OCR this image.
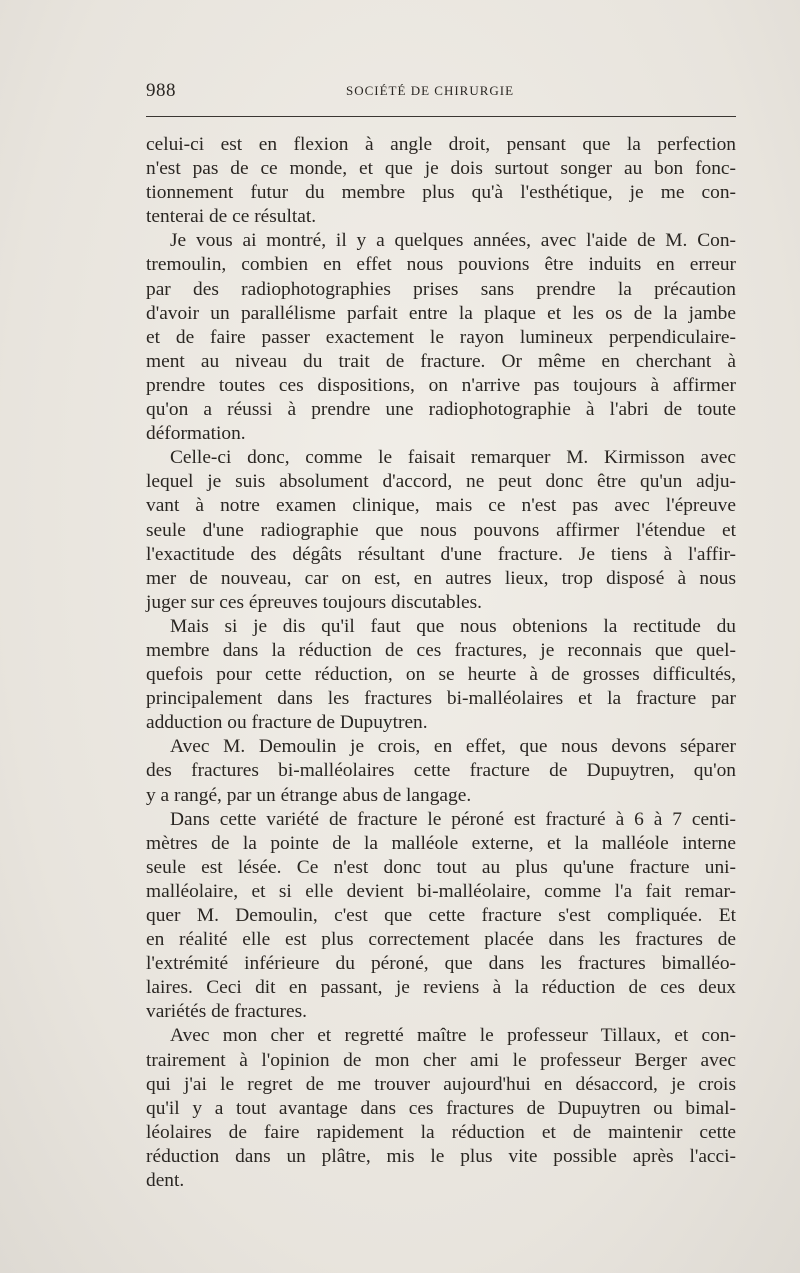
988	SOCIÉTÉ DE CHIRURGIE
celui-ci est en flexion à angle droit, pensant que la perfection
n'est pas de ce monde, et que je dois surtout songer au bon fonc-
tionnement futur du membre plus qu'à l'esthétique, je me con-
tenterai de ce résultat.
Je vous ai montré, il y a quelques années, avec l'aide de M. Con-
tremoulin, combien en effet nous pouvions être induits en erreur
par des radiophotographies prises sans prendre la précaution
d'avoir un parallélisme parfait entre la plaque et les os de la jambe
et de faire passer exactement le rayon lumineux perpendiculaire-
ment au niveau du trait de fracture. Or même en cherchant à
prendre toutes ces dispositions, on n'arrive pas toujours à affirmer
qu'on a réussi à prendre une radiophotographie à l'abri de toute
déformation.
Celle-ci donc, comme le faisait remarquer M. Kirmisson avec
lequel je suis absolument d'accord, ne peut donc être qu'un adju-
vant à notre examen clinique, mais ce n'est pas avec l'épreuve
seule d'une radiographie que nous pouvons affirmer l'étendue et
l'exactitude des dégâts résultant d'une fracture. Je tiens à l'affir-
mer de nouveau, car on est, en autres lieux, trop disposé à nous
juger sur ces épreuves toujours discutables.
Mais si je dis qu'il faut que nous obtenions la rectitude du
membre dans la réduction de ces fractures, je reconnais que quel-
quefois pour cette réduction, on se heurte à de grosses difficultés,
principalement dans les fractures bi-malléolaires et la fracture par
adduction ou fracture de Dupuytren.
Avec M. Demoulin je crois, en effet, que nous devons séparer
des fractures bi-malléolaires cette fracture de Dupuytren, qu'on
y a rangé, par un étrange abus de langage.
Dans cette variété de fracture le péroné est fracturé à 6 à 7 centi-
mètres de la pointe de la malléole externe, et la malléole interne
seule est lésée. Ce n'est donc tout au plus qu'une fracture uni-
malléolaire, et si elle devient bi-malléolaire, comme l'a fait remar-
quer M. Demoulin, c'est que cette fracture s'est compliquée. Et
en réalité elle est plus correctement placée dans les fractures de
l'extrémité inférieure du péroné, que dans les fractures bimalléo-
laires. Ceci dit en passant, je reviens à la réduction de ces deux
variétés de fractures.
Avec mon cher et regretté maître le professeur Tillaux, et con-
trairement à l'opinion de mon cher ami le professeur Berger avec
qui j'ai le regret de me trouver aujourd'hui en désaccord, je crois
qu'il y a tout avantage dans ces fractures de Dupuytren ou bimal-
léolaires de faire rapidement la réduction et de maintenir cette
réduction dans un plâtre, mis le plus vite possible après l'acci-
dent.
